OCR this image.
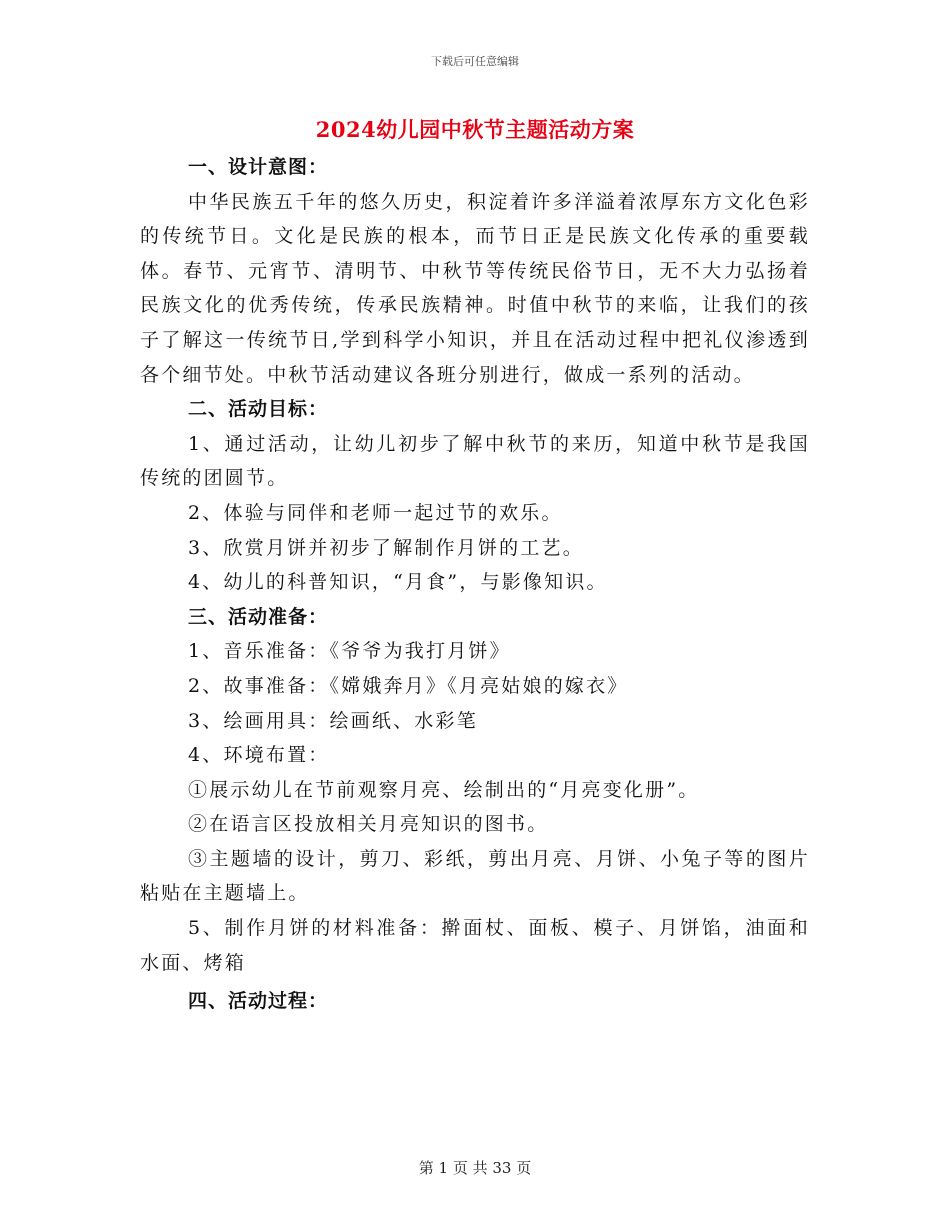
下载后可任意编辑
2024幼儿园中秋节主题活动方案
一、设计意图：
中华民族五千年的悠久历史，积淀着许多洋溢着浓厚东方文化色彩的传统节日。文化是民族的根本，而节日正是民族文化传承的重要载体。春节、元宵节、清明节、中秋节等传统民俗节日，无不大力弘扬着民族文化的优秀传统，传承民族精神。时值中秋节的来临，让我们的孩子了解这一传统节日,学到科学小知识，并且在活动过程中把礼仪渗透到各个细节处。中秋节活动建议各班分别进行，做成一系列的活动。
二、活动目标：
1、通过活动，让幼儿初步了解中秋节的来历，知道中秋节是我国传统的团圆节。
2、体验与同伴和老师一起过节的欢乐。
3、欣赏月饼并初步了解制作月饼的工艺。
4、幼儿的科普知识，“月食”，与影像知识。
三、活动准备：
1、音乐准备：《爷爷为我打月饼》
2、故事准备：《嫦娥奔月》《月亮姑娘的嫁衣》
3、绘画用具：绘画纸、水彩笔
4、环境布置：
①展示幼儿在节前观察月亮、绘制出的“月亮变化册”。
②在语言区投放相关月亮知识的图书。
③主题墙的设计，剪刀、彩纸，剪出月亮、月饼、小兔子等的图片粘贴在主题墙上。
5、制作月饼的材料准备：擀面杖、面板、模子、月饼馅，油面和水面、烤箱
四、活动过程：
第 1 页 共 33 页
